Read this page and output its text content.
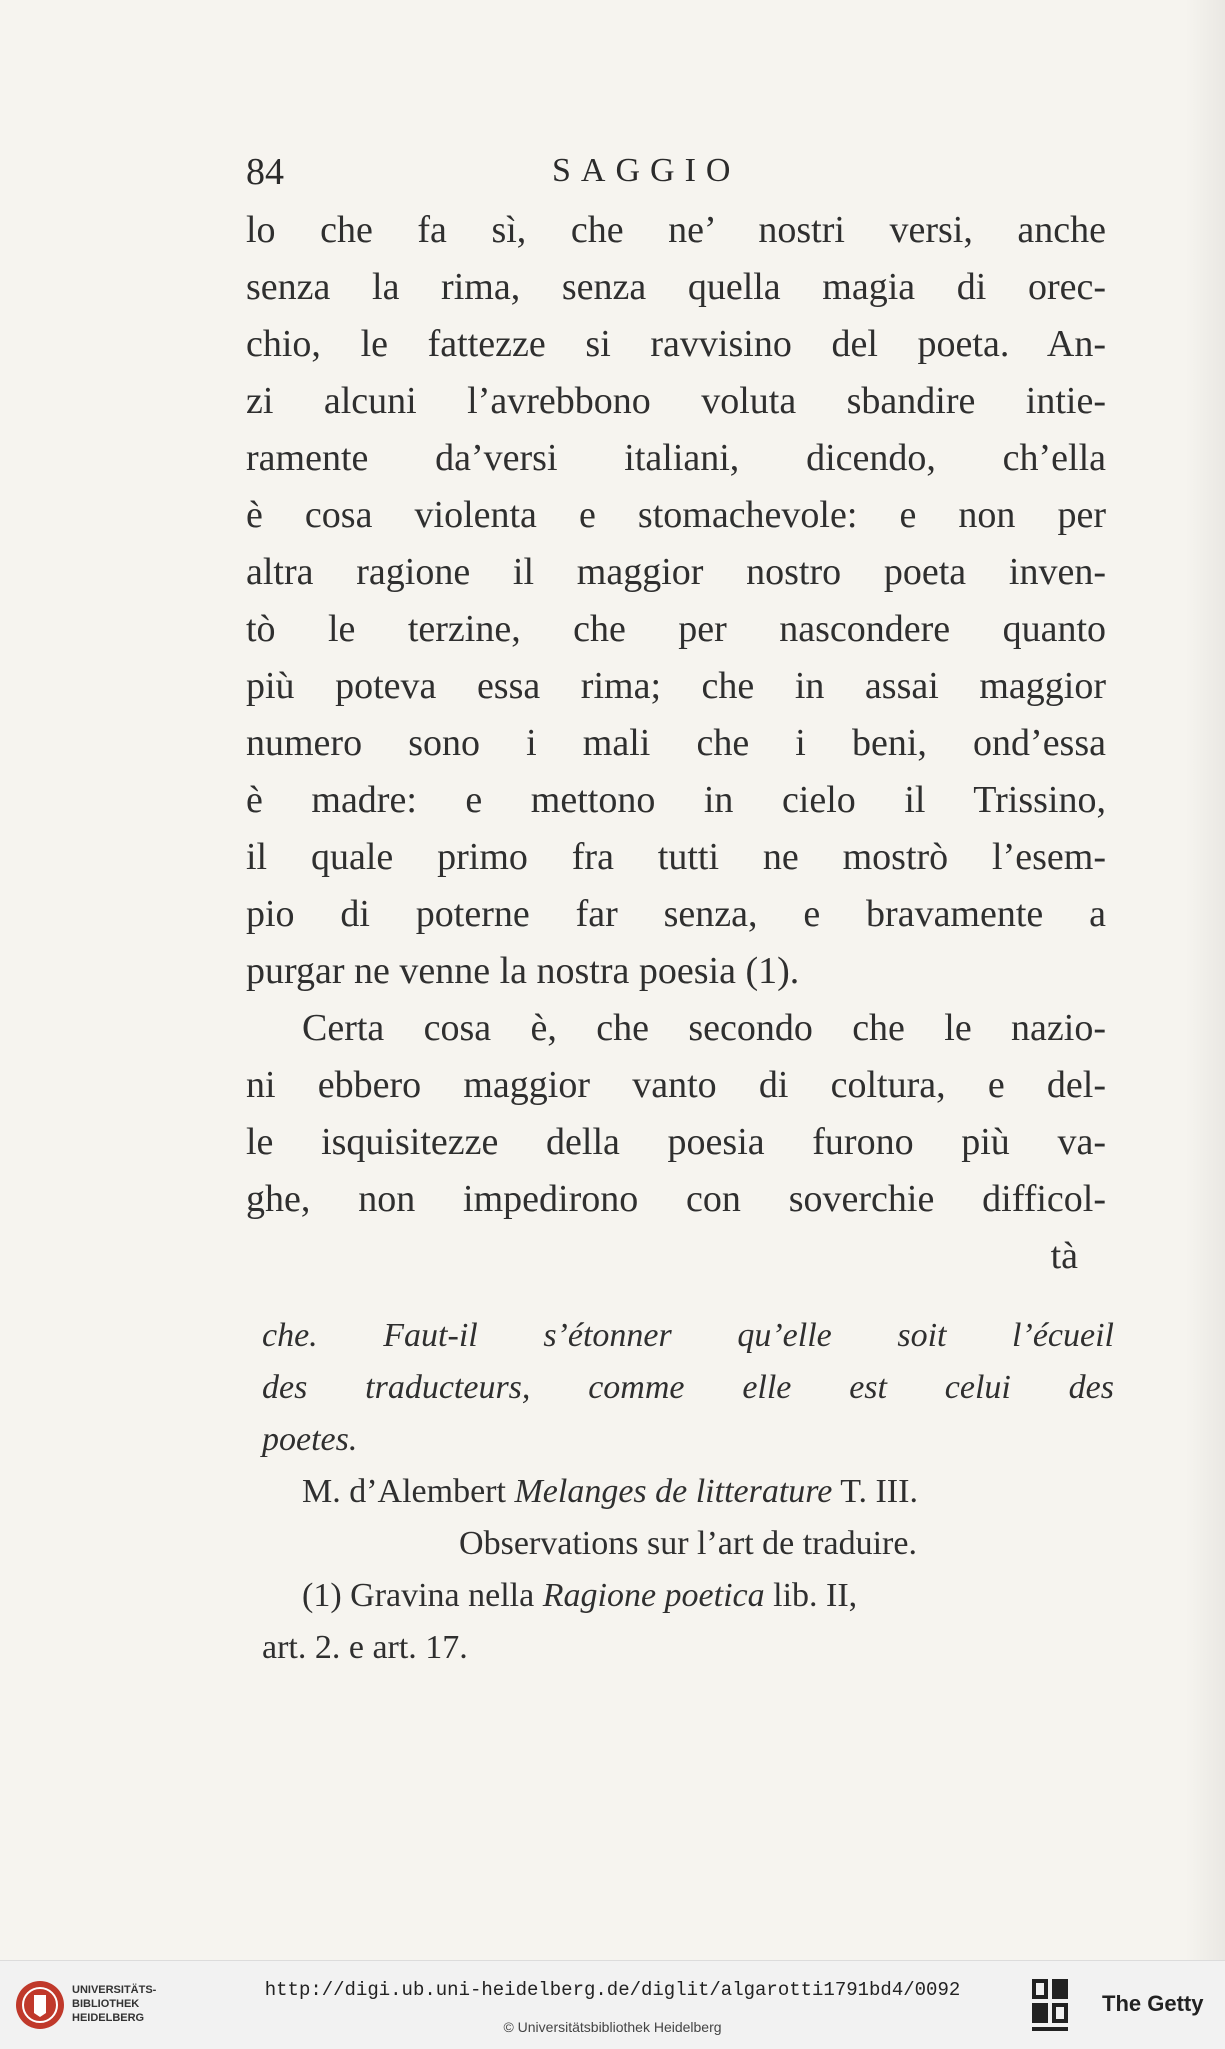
84	SAGGIO
lo che fa sì, che ne’ nostri versi, anche
senza la rima, senza quella magia di orec-
chio, le fattezze si ravvisino del poeta. An-
zi alcuni l’avrebbono voluta sbandire intie-
ramente da’versi italiani, dicendo, ch’ella
è cosa violenta e stomachevole: e non per
altra ragione il maggior nostro poeta inven-
tò le terzine, che per nascondere quanto
più poteva essa rima; che in assai maggior
numero sono i mali che i beni, ond’essa
è madre: e mettono in cielo il Trissino,
il quale primo fra tutti ne mostrò l’esem-
pio di poterne far senza, e bravamente a
purgar ne venne la nostra poesia (1).
Certa cosa è, che secondo che le nazio-
ni ebbero maggior vanto di coltura, e del-
le isquisitezze della poesia furono più va-
ghe, non impedirono con soverchie difficol-
tà
che. Faut-il s’étonner qu’elle soit l’écueil
des traducteurs, comme elle est celui des
poetes.
M. d’Alembert Melanges de litterature T. III.
Observations sur l’art de traduire.
(1) Gravina nella Ragione poetica lib. II,
art. 2. e art. 17.
UNIVERSITÄTS-
BIBLIOTHEK
HEIDELBERG
http://digi.ub.uni-heidelberg.de/diglit/algarotti1791bd4/0092
© Universitätsbibliothek Heidelberg
The Getty
